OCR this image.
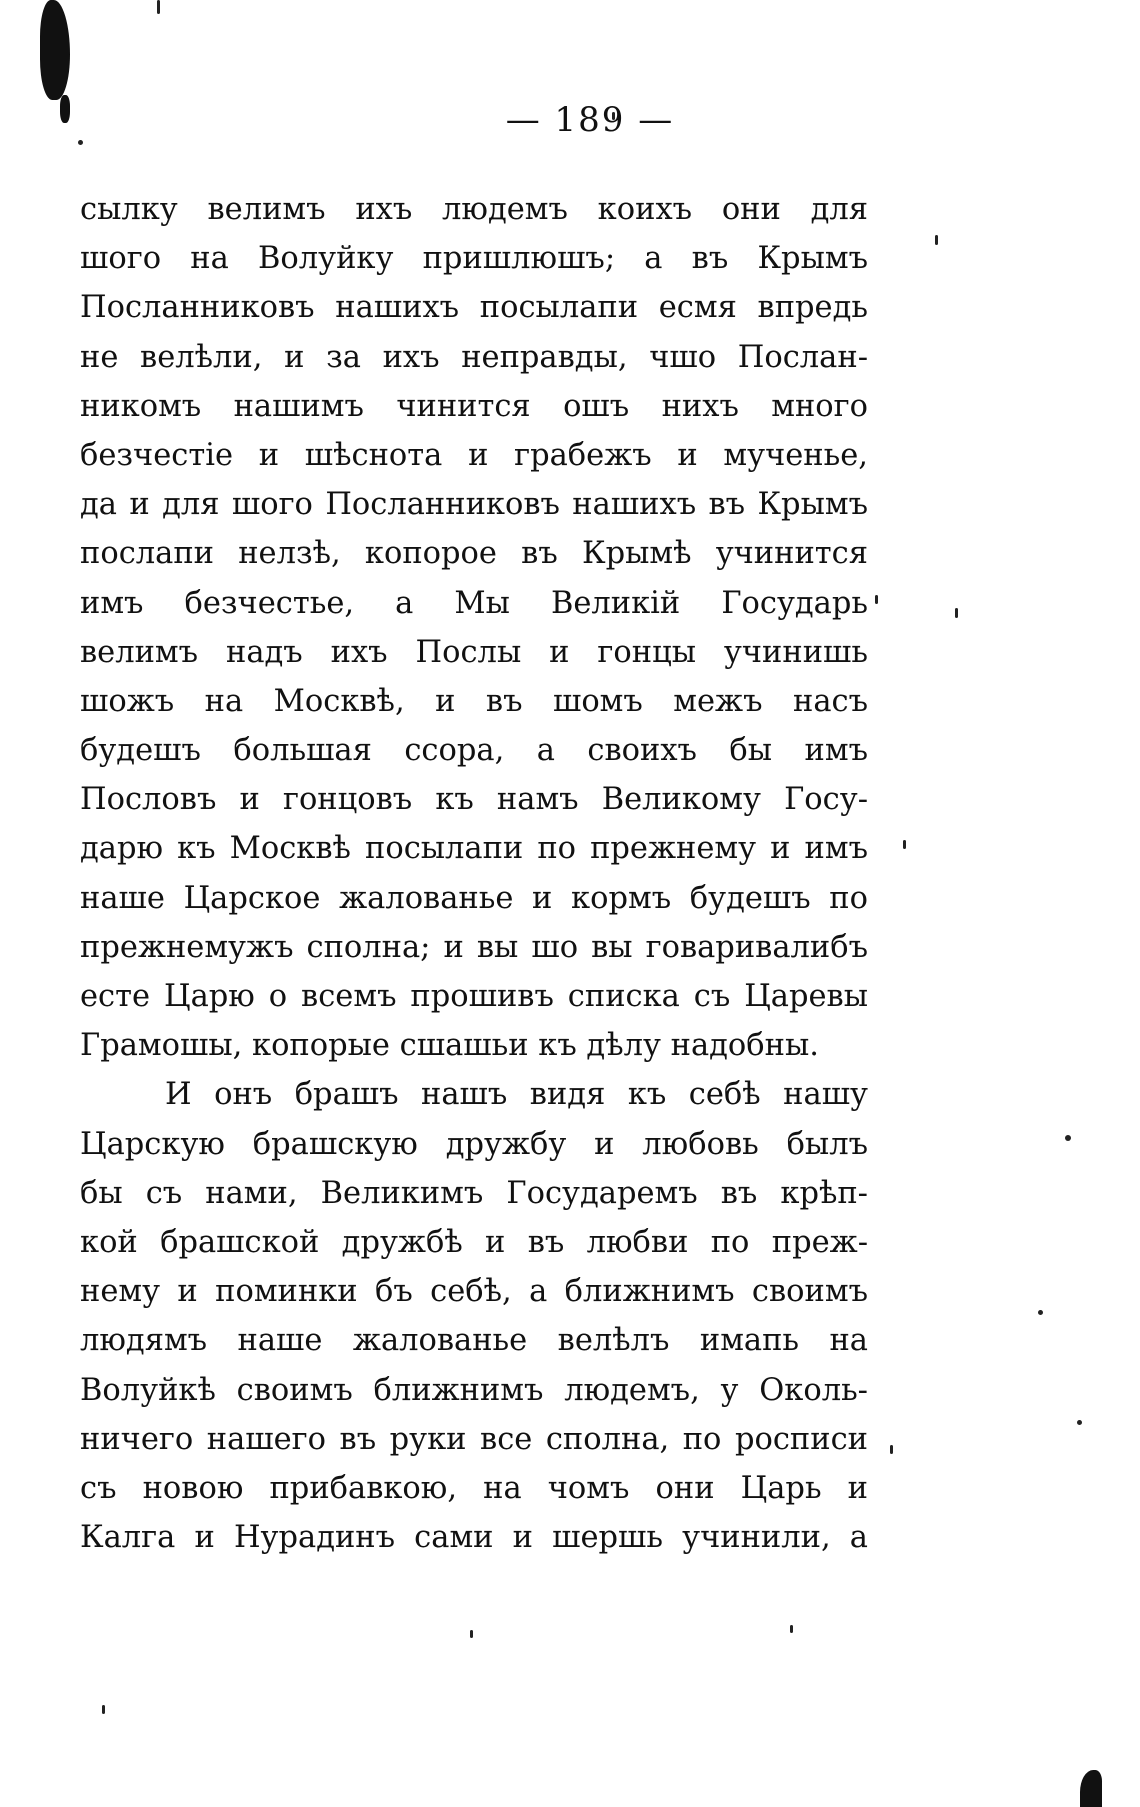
— 189 —
сылку велимъ ихъ людемъ коихъ они для
шого на Волуйку пришлюшъ; а въ Крымъ
Посланниковъ нашихъ посылапи есмя впредь
не велѣли, и за ихъ неправды, чшо Послан-
никомъ нашимъ чинится ошъ нихъ много
безчестіе и шѣснота и грабежъ и мученье,
да и для шого Посланниковъ нашихъ въ Крымъ
послапи нелзѣ, копорое въ Крымѣ учинится
имъ безчестье, а Мы Великій Государь
велимъ надъ ихъ Послы и гонцы учинишь
шожъ на Москвѣ, и въ шомъ межъ насъ
будешъ большая ссора, а своихъ бы имъ
Пословъ и гонцовъ къ намъ Великому Госу-
дарю къ Москвѣ посылапи по прежнему и имъ
наше Царское жалованье и кормъ будешъ по
прежнемужъ сполна; и вы шо вы говаривалибъ
есте Царю о всемъ прошивъ списка съ Царевы
Грамошы, копорые сшашьи къ дѣлу надобны.
И онъ брашъ нашъ видя къ себѣ нашу
Царскую брашскую дружбу и любовь былъ
бы съ нами, Великимъ Государемъ въ крѣп-
кой брашской дружбѣ и въ любви по преж-
нему и поминки бъ себѣ, а ближнимъ своимъ
людямъ наше жалованье велѣлъ имапь на
Волуйкѣ своимъ ближнимъ людемъ, у Околь-
ничего нашего въ руки все сполна, по росписи
съ новою прибавкою, на чомъ они Царь и
Калга и Нурадинъ сами и шершь учинили, а
